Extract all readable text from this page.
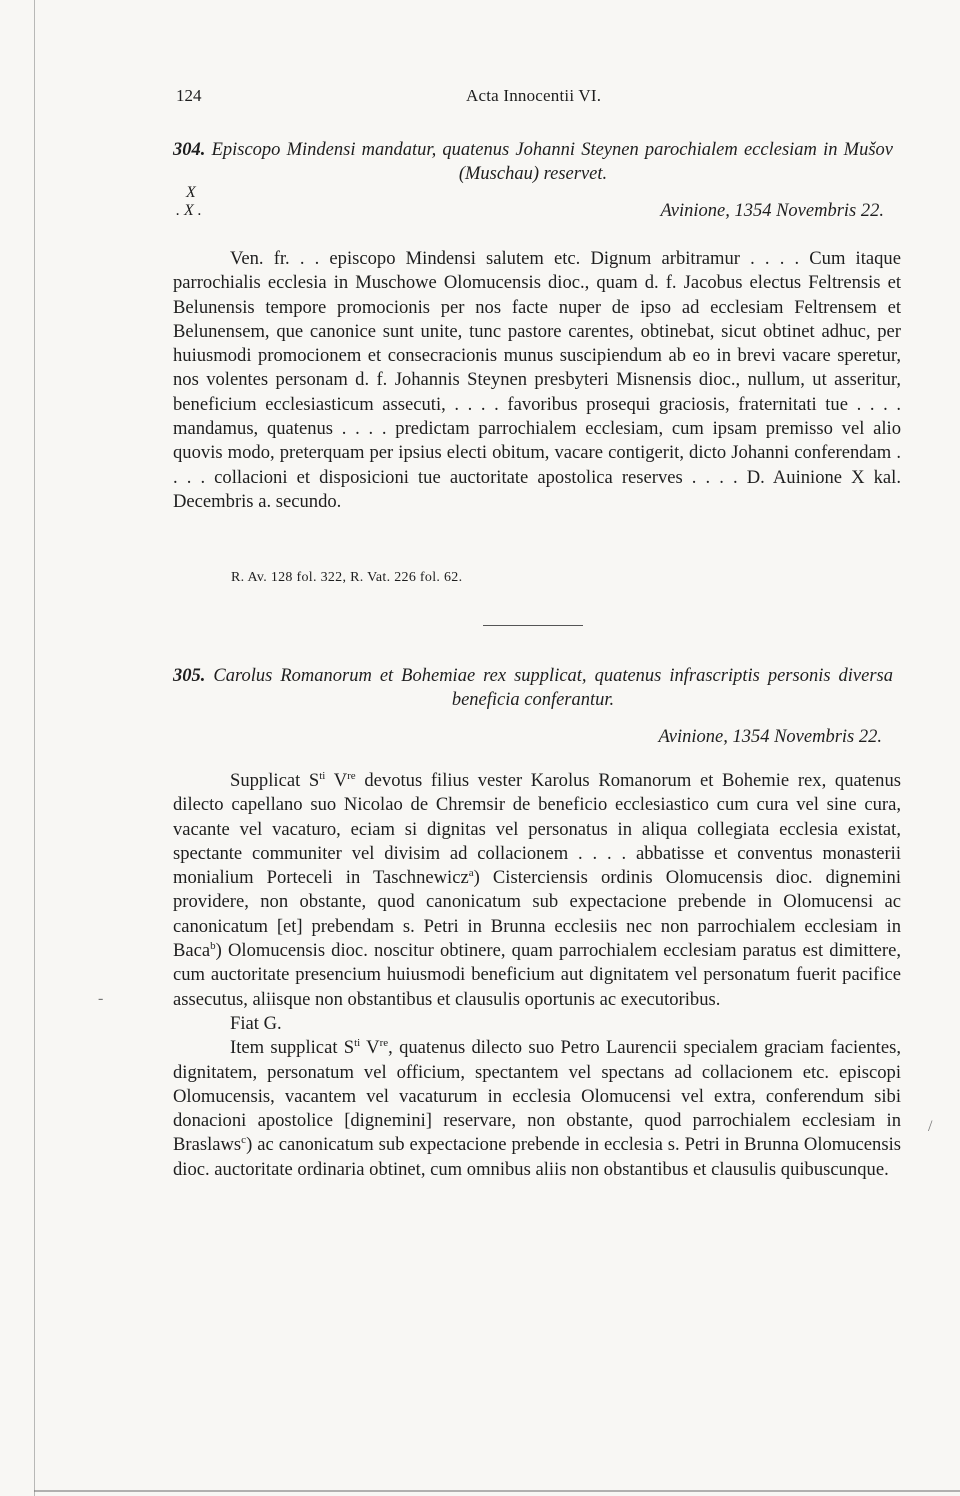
124	Acta Innocentii VI.
304. Episcopo Mindensi mandatur, quatenus Johanni Steynen parochialem ecclesiam in Mušov (Muschau) reservet.
X
. X .	Avinione, 1354 Novembris 22.

Ven. fr. . . episcopo Mindensi salutem etc. Dignum arbitramur . . . . Cum itaque parrochialis ecclesia in Muschowe Olomucensis dioc., quam d. f. Jacobus electus Feltrensis et Belunensis tempore promocionis per nos facte nuper de ipso ad ecclesiam Feltrensem et Belunensem, que canonice sunt unite, tunc pastore carentes, obtinebat, sicut obtinet adhuc, per huiusmodi promocionem et consecracionis munus suscipiendum ab eo in brevi vacare speretur, nos volentes personam d. f. Johannis Steynen presbyteri Misnensis dioc., nullum, ut asseritur, beneficium ecclesiasticum assecuti, . . . . favoribus prosequi graciosis, fraternitati tue . . . . mandamus, quatenus . . . . predictam parrochialem ecclesiam, cum ipsam premisso vel alio quovis modo, preterquam per ipsius electi obitum, vacare contigerit, dicto Johanni conferendam . . . . collacioni et disposicioni tue auctoritate apostolica reserves . . . . D. Auinione X kal. Decembris a. secundo.

R. Av. 128 fol. 322, R. Vat. 226 fol. 62.
305. Carolus Romanorum et Bohemiae rex supplicat, quatenus infrascriptis personis diversa beneficia conferantur.
Avinione, 1354 Novembris 22.

Supplicat $S^{ti}$ Vre devotus filius vester Karolus Romanorum et Bohemie rex, quatenus dilecto capellano suo Nicolao de Chremsir de beneficio ecclesiastico cum cura vel sine cura, vacante vel vacaturo, eciam si dignitas vel personatus in aliqua collegiata ecclesia existat, spectante communiter vel divisim ad collacionem . . . . abbatisse et conventus monasterii monialium Porteceli in Taschnewicz$^a$) Cisterciensis ordinis Olomucensis dioc. dignemini providere, non obstante, quod canonicatum sub expectacione prebende in Olomucensi ac canonicatum [et] prebendam s. Petri in Brunna ecclesiis nec non parrochialem ecclesiam in Baca$^b$) Olomucensis dioc. noscitur obtinere, quam parrochialem ecclesiam paratus est dimittere, cum auctoritate presencium huiusmodi beneficium aut dignitatem vel personatum fuerit pacifice assecutus, aliisque non obstantibus et clausulis oportunis ac executoribus.

Fiat G.

Item supplicat $S^{ti}$ Vre, quatenus dilecto suo Petro Laurencii specialem graciam facientes, dignitatem, personatum vel officium, spectantem vel spectans ad collacionem etc. episcopi Olomucensis, vacantem vel vacaturum in ecclesia Olomucensi vel extra, conferendum sibi donacioni apostolice [dignemini] reservare, non obstante, quod parrochialem ecclesiam in Braslaws$^c$) ac canonicatum sub expectacione prebende in ecclesia s. Petri in Brunna Olomucensis dioc. auctoritate ordinaria obtinet, cum omnibus aliis non obstantibus et clausulis quibuscunque.

-
/
